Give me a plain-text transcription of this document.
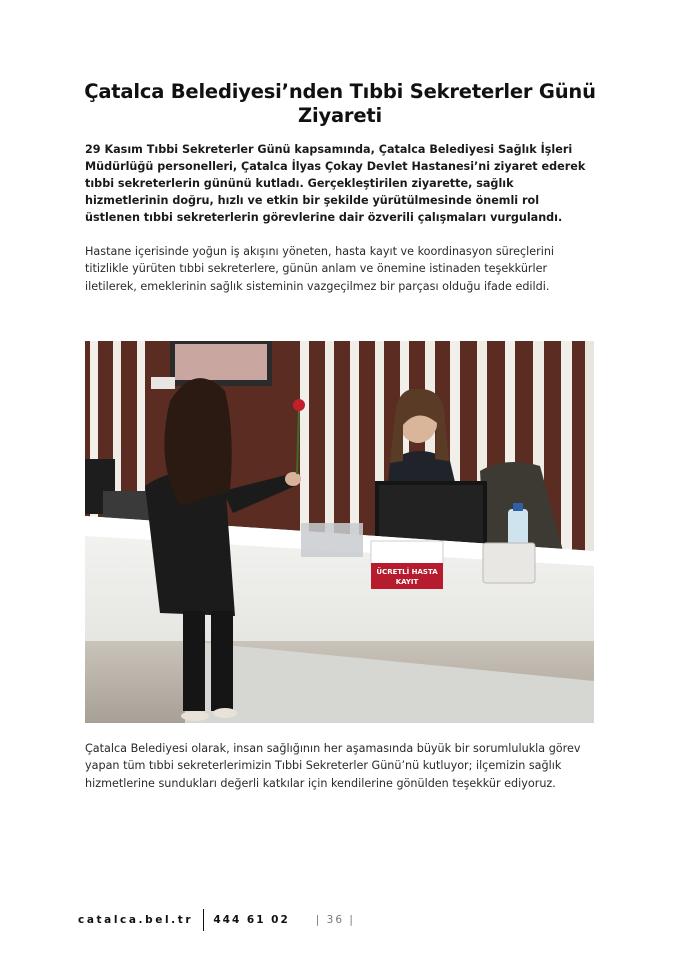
Çatalca Belediyesi’nden Tıbbi Sekreterler Günü Ziyareti

29 Kasım Tıbbi Sekreterler Günü kapsamında, Çatalca Belediyesi Sağlık İşleri Müdürlüğü personelleri, Çatalca İlyas Çokay Devlet Hastanesi’ni ziyaret ederek tıbbi sekreterlerin gününü kutladı. Gerçekleştirilen ziyarette, sağlık hizmetlerinin doğru, hızlı ve etkin bir şekilde yürütülmesinde önemli rol üstlenen tıbbi sekreterlerin görevlerine dair özverili çalışmaları vurgulandı.

Hastane içerisinde yoğun iş akışını yöneten, hasta kayıt ve koordinasyon süreçlerini titizlikle yürüten tıbbi sekreterlere, günün anlam ve önemine istinaden teşekkürler iletilerek, emeklerinin sağlık sisteminin vazgeçilmez bir parçası olduğu ifade edildi.

ÜCRETLİ HASTA
KAYIT

Çatalca Belediyesi olarak, insan sağlığının her aşamasında büyük bir sorumlulukla görev yapan tüm tıbbi sekreterlerimizin Tıbbi Sekreterler Günü’nü kutluyor; ilçemizin sağlık hizmetlerine sundukları değerli katkılar için kendilerine gönülden teşekkür ediyoruz.

catalca.bel.tr 444 61 02 | 36 |
